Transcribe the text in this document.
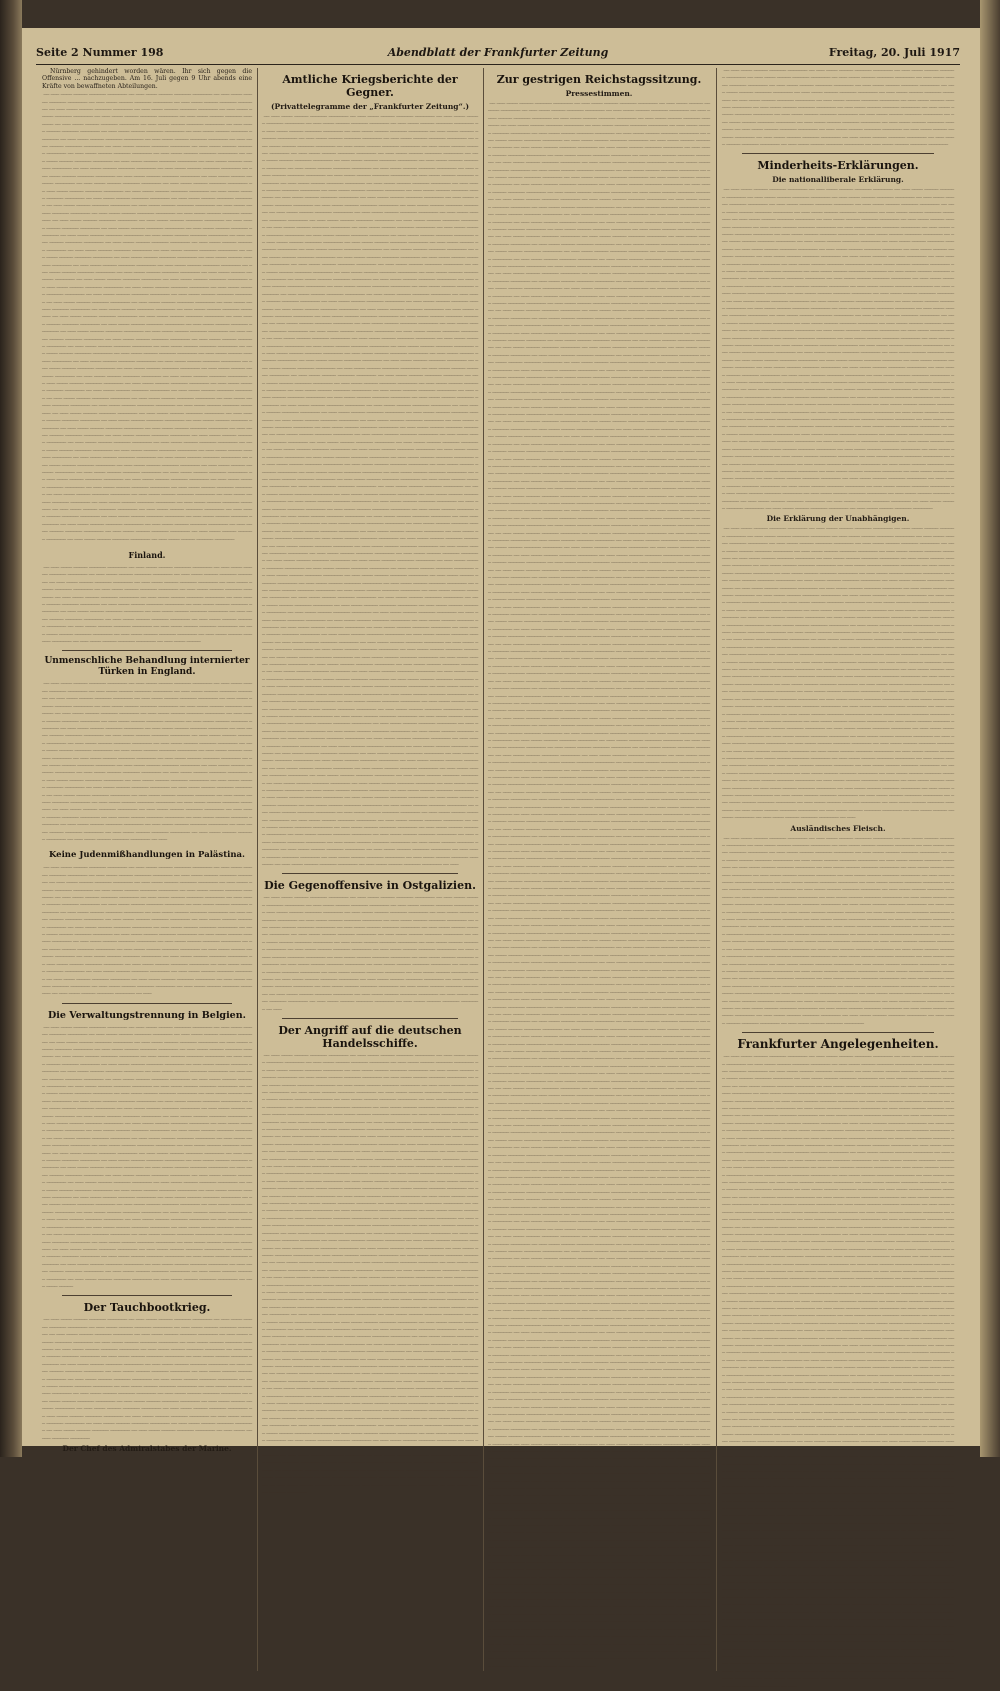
Seite 2 Nummer 198	Abendblatt der Frankfurter Zeitung	Freitag, 20. Juli 1917

Nürnberg gehindert worden wären. Ihr sich gegen die Offensive ... nachzugeben. Am 16. Juli gegen 9 Uhr abends eine Kräfte von bewaffneten Abteilungen.

── ─── ──── ───── ────── ─────── ── ─── ──── ───── ────── ─────── ── ─── ──── ───── ────── ─────── ── ─── ──── ───── ────── ─────── ── ─── ──── ───── ────── ─────── ── ─── ──── ───── ────── ─────── ── ─── ──── ───── ────── ─────── ── ─── ──── ───── ────── ─────── ── ─── ──── ───── ────── ─────── ── ─── ──── ───── ────── ─────── ── ─── ──── ───── ────── ─────── ── ─── ──── ───── ────── ─────── ── ─── ──── ───── ────── ─────── ── ─── ──── ───── ────── ─────── ── ─── ──── ───── ────── ─────── ── ─── ──── ───── ────── ─────── ── ─── ──── ───── ────── ─────── ── ─── ──── ───── ────── ─────── ── ─── ──── ───── ────── ─────── ── ─── ──── ───── ────── ─────── ── ─── ──── ───── ────── ─────── ── ─── ──── ───── ────── ─────── ── ─── ──── ───── ────── ─────── ── ─── ──── ───── ────── ─────── ── ─── ──── ───── ────── ─────── ── ─── ──── ───── ────── ─────── ── ─── ──── ───── ────── ─────── ── ─── ──── ───── ────── ─────── ── ─── ──── ───── ────── ─────── ── ─── ──── ───── ────── ─────── ── ─── ──── ───── ────── ─────── ── ─── ──── ───── ────── ─────── ── ─── ──── ───── ────── ─────── ── ─── ──── ───── ────── ─────── ── ─── ──── ───── ────── ─────── ── ─── ──── ───── ────── ─────── ── ─── ──── ───── ────── ─────── ── ─── ──── ───── ────── ─────── ── ─── ──── ───── ────── ─────── ── ─── ──── ───── ────── ─────── ── ─── ──── ───── ────── ─────── ── ─── ──── ───── ────── ─────── ── ─── ──── ───── ────── ─────── ── ─── ──── ───── ────── ─────── ── ─── ──── ───── ────── ─────── ── ─── ──── ───── ────── ─────── ── ─── ──── ───── ────── ─────── ── ─── ──── ───── ────── ─────── ── ─── ──── ───── ────── ─────── ── ─── ──── ───── ────── ─────── ── ─── ──── ───── ────── ─────── ── ─── ──── ───── ────── ─────── ── ─── ──── ───── ────── ─────── ── ─── ──── ───── ────── ─────── ── ─── ──── ───── ────── ─────── ── ─── ──── ───── ────── ─────── ── ─── ──── ───── ────── ─────── ── ─── ──── ───── ────── ─────── ── ─── ──── ───── ────── ─────── ── ─── ──── ───── ────── ─────── ── ─── ──── ───── ────── ─────── ── ─── ──── ───── ────── ─────── ── ─── ──── ───── ────── ─────── ── ─── ──── ───── ────── ─────── ── ─── ──── ───── ────── ─────── ── ─── ──── ───── ────── ─────── ── ─── ──── ───── ────── ─────── ── ─── ──── ───── ────── ─────── ── ─── ──── ───── ────── ─────── ── ─── ──── ───── ────── ─────── ── ─── ──── ───── ────── ─────── ── ─── ──── ───── ────── ─────── ── ─── ──── ───── ────── ─────── ── ─── ──── ───── ────── ─────── ── ─── ──── ───── ────── ─────── ── ─── ──── ───── ────── ─────── ── ─── ──── ───── ────── ─────── ── ─── ──── ───── ────── ─────── ── ─── ──── ───── ────── ─────── ── ─── ──── ───── ────── ─────── ── ─── ──── ───── ────── ─────── ── ─── ──── ───── ────── ─────── ── ─── ──── ───── ────── ─────── ── ─── ──── ───── ────── ─────── ── ─── ──── ───── ────── ─────── ── ─── ──── ───── ────── ─────── ── ─── ──── ───── ────── ─────── ── ─── ──── ───── ────── ─────── ── ─── ──── ───── ────── ─────── ── ─── ──── ───── ────── ─────── ── ─── ──── ───── ────── ─────── ── ─── ──── ───── ────── ─────── ── ─── ──── ───── ────── ─────── ── ─── ──── ───── ────── ─────── ── ─── ──── ───── ────── ─────── ── ─── ──── ───── ────── ─────── ── ─── ──── ───── ────── ─────── ── ─── ──── ───── ────── ─────── ── ─── ──── ───── ────── ─────── ── ─── ──── ───── ────── ─────── ── ─── ──── ───── ────── ─────── ── ─── ──── ───── ────── ─────── ── ─── ──── ───── ────── ─────── ── ─── ──── ───── ────── ─────── ── ─── ──── ───── ────── ─────── ── ─── ──── ───── ────── ─────── ── ─── ──── ───── ────── ─────── ── ─── ──── ───── ────── ─────── ── ─── ──── ───── ────── ─────── ── ─── ──── ───── ────── ─────── ── ─── ──── ───── ────── ─────── ── ─── ──── ───── ────── ─────── ── ─── ──── ───── ────── ─────── ── ─── ──── ───── ────── ─────── ── ─── ──── ───── ────── ─────── ── ─── ──── ───── ────── ─────── ── ─── ──── ───── ────── ─────── ── ─── ──── ───── ────── ─────── ── ─── ──── ───── ────── ─────── ── ─── ──── ───── ────── ─────── ── ─── ──── ───── ────── ─────── ── ─── ──── ───── ────── ─────── ── ─── ──── ───── ────── ─────── ── ─── ──── ───── ────── ─────── ── ─── ──── ───── ────── ─────── ── ─── ──── ───── ────── ─────── ── ─── ──── ───── ────── ─────── ── ─── ──── ───── ────── ─────── ── ─── ──── ───── ────── ─────── ── ─── ──── ───── ────── ─────── ── ─── ──── ───── ────── ─────── ── ─── ──── ───── ────── ─────── ── ─── ──── ───── ────── ─────── ── ─── ──── ───── ────── ─────── ── ─── ──── ───── ────── ─────── ── ─── ──── ───── ────── ─────── ── ─── ──── ───── ────── ─────── ── ─── ──── ───── ────── ─────── ── ─── ──── ───── ────── ─────── ── ─── ──── ───── ────── ─────── ── ─── ──── ───── ────── ─────── ── ─── ──── ───── ────── ─────── ── ─── ──── ───── ────── ─────── ── ─── ──── ───── ────── ─────── ── ─── ──── ───── ────── ─────── ── ─── ──── ───── ────── ─────── ── ─── ──── ───── ────── ─────── ── ─── ──── ───── ────── ─────── ── ─── ──── ───── ────── ─────── ── ─── ──── ───── ────── ───────
Finland.
── ─── ──── ───── ────── ─────── ── ─── ──── ───── ────── ─────── ── ─── ──── ───── ────── ─────── ── ─── ──── ───── ────── ─────── ── ─── ──── ───── ────── ─────── ── ─── ──── ───── ────── ─────── ── ─── ──── ───── ────── ─────── ── ─── ──── ───── ────── ─────── ── ─── ──── ───── ────── ─────── ── ─── ──── ───── ────── ─────── ── ─── ──── ───── ────── ─────── ── ─── ──── ───── ────── ─────── ── ─── ──── ───── ────── ─────── ── ─── ──── ───── ────── ─────── ── ─── ──── ───── ────── ─────── ── ─── ──── ───── ────── ─────── ── ─── ──── ───── ────── ─────── ── ─── ──── ───── ────── ─────── ── ─── ──── ───── ────── ─────── ── ─── ──── ───── ────── ─────── ── ─── ──── ───── ────── ─────── ── ─── ──── ───── ────── ─────── ── ─── ──── ───── ────── ─────── ── ─── ──── ───── ────── ─────── ── ─── ──── ───── ────── ─────── ── ─── ──── ───── ────── ─────── ── ─── ──── ─────
Unmenschliche Behandlung internierter Türken in England.
── ─── ──── ───── ────── ─────── ── ─── ──── ───── ────── ─────── ── ─── ──── ───── ────── ─────── ── ─── ──── ───── ────── ─────── ── ─── ──── ───── ────── ─────── ── ─── ──── ───── ────── ─────── ── ─── ──── ───── ────── ─────── ── ─── ──── ───── ────── ─────── ── ─── ──── ───── ────── ─────── ── ─── ──── ───── ────── ─────── ── ─── ──── ───── ────── ─────── ── ─── ──── ───── ────── ─────── ── ─── ──── ───── ────── ─────── ── ─── ──── ───── ────── ─────── ── ─── ──── ───── ────── ─────── ── ─── ──── ───── ────── ─────── ── ─── ──── ───── ────── ─────── ── ─── ──── ───── ────── ─────── ── ─── ──── ───── ────── ─────── ── ─── ──── ───── ────── ─────── ── ─── ──── ───── ────── ─────── ── ─── ──── ───── ────── ─────── ── ─── ──── ───── ────── ─────── ── ─── ──── ───── ────── ─────── ── ─── ──── ───── ────── ─────── ── ─── ──── ───── ────── ─────── ── ─── ──── ───── ────── ─────── ── ─── ──── ───── ────── ─────── ── ─── ──── ───── ────── ─────── ── ─── ──── ───── ────── ─────── ── ─── ──── ───── ────── ─────── ── ─── ──── ───── ────── ─────── ── ─── ──── ───── ────── ─────── ── ─── ──── ───── ────── ─────── ── ─── ──── ───── ────── ─────── ── ─── ──── ───── ────── ─────── ── ─── ──── ───── ────── ─────── ── ─── ──── ───── ────── ─────── ── ─── ──── ───── ────── ─────── ── ─── ──── ───── ────── ─────── ── ─── ──── ───── ────── ─────── ── ─── ──── ───── ────── ─────── ── ─── ──── ───── ────── ─────── ── ─── ──── ───── ────── ─────── ── ─── ──── ───── ────── ─────── ── ─── ──── ───── ────── ─────── ── ─── ──── ───── ────── ─────── ── ─── ──── ───── ────── ─────── ── ─── ──── ───── ────── ─────── ── ─── ──── ───── ────── ─────── ── ─── ──── ───── ────── ─────── ── ─── ──── ───── ────── ─────── ── ─── ──── ───── ────── ─────── ── ───
Keine Judenmißhandlungen in Palästina.
── ─── ──── ───── ────── ─────── ── ─── ──── ───── ────── ─────── ── ─── ──── ───── ────── ─────── ── ─── ──── ───── ────── ─────── ── ─── ──── ───── ────── ─────── ── ─── ──── ───── ────── ─────── ── ─── ──── ───── ────── ─────── ── ─── ──── ───── ────── ─────── ── ─── ──── ───── ────── ─────── ── ─── ──── ───── ────── ─────── ── ─── ──── ───── ────── ─────── ── ─── ──── ───── ────── ─────── ── ─── ──── ───── ────── ─────── ── ─── ──── ───── ────── ─────── ── ─── ──── ───── ────── ─────── ── ─── ──── ───── ────── ─────── ── ─── ──── ───── ────── ─────── ── ─── ──── ───── ────── ─────── ── ─── ──── ───── ────── ─────── ── ─── ──── ───── ────── ─────── ── ─── ──── ───── ────── ─────── ── ─── ──── ───── ────── ─────── ── ─── ──── ───── ────── ─────── ── ─── ──── ───── ────── ─────── ── ─── ──── ───── ────── ─────── ── ─── ──── ───── ────── ─────── ── ─── ──── ───── ────── ─────── ── ─── ──── ───── ────── ─────── ── ─── ──── ───── ────── ─────── ── ─── ──── ───── ────── ─────── ── ─── ──── ───── ────── ─────── ── ─── ──── ───── ────── ─────── ── ─── ──── ───── ────── ─────── ── ─── ──── ───── ────── ─────── ── ─── ──── ───── ────── ─────── ── ─── ──── ───── ────── ─────── ── ─── ──── ───── ────── ─────── ── ─── ──── ───── ────── ─────── ── ─── ──── ───── ────── ─────── ── ─── ──── ───── ────── ─────── ── ─── ──── ───── ────── ─────── ── ─── ──── ───── ────── ─────── ── ─── ──── ───── ────── ─────── ── ───
Die Verwaltungstrennung in Belgien.
── ─── ──── ───── ────── ─────── ── ─── ──── ───── ────── ─────── ── ─── ──── ───── ────── ─────── ── ─── ──── ───── ────── ─────── ── ─── ──── ───── ────── ─────── ── ─── ──── ───── ────── ─────── ── ─── ──── ───── ────── ─────── ── ─── ──── ───── ────── ─────── ── ─── ──── ───── ────── ─────── ── ─── ──── ───── ────── ─────── ── ─── ──── ───── ────── ─────── ── ─── ──── ───── ────── ─────── ── ─── ──── ───── ────── ─────── ── ─── ──── ───── ────── ─────── ── ─── ──── ───── ────── ─────── ── ─── ──── ───── ────── ─────── ── ─── ──── ───── ────── ─────── ── ─── ──── ───── ────── ─────── ── ─── ──── ───── ────── ─────── ── ─── ──── ───── ────── ─────── ── ─── ──── ───── ────── ─────── ── ─── ──── ───── ────── ─────── ── ─── ──── ───── ────── ─────── ── ─── ──── ───── ────── ─────── ── ─── ──── ───── ────── ─────── ── ─── ──── ───── ────── ─────── ── ─── ──── ───── ────── ─────── ── ─── ──── ───── ────── ─────── ── ─── ──── ───── ────── ─────── ── ─── ──── ───── ────── ─────── ── ─── ──── ───── ────── ─────── ── ─── ──── ───── ────── ─────── ── ─── ──── ───── ────── ─────── ── ─── ──── ───── ────── ─────── ── ─── ──── ───── ────── ─────── ── ─── ──── ───── ────── ─────── ── ─── ──── ───── ────── ─────── ── ─── ──── ───── ────── ─────── ── ─── ──── ───── ────── ─────── ── ─── ──── ───── ────── ─────── ── ─── ──── ───── ────── ─────── ── ─── ──── ───── ────── ─────── ── ─── ──── ───── ────── ─────── ── ─── ──── ───── ────── ─────── ── ─── ──── ───── ────── ─────── ── ─── ──── ───── ────── ─────── ── ─── ──── ───── ────── ─────── ── ─── ──── ───── ────── ─────── ── ─── ──── ───── ────── ─────── ── ─── ──── ───── ────── ─────── ── ─── ──── ───── ────── ─────── ── ─── ──── ───── ────── ─────── ── ─── ──── ───── ────── ─────── ── ─── ──── ───── ────── ─────── ── ─── ──── ───── ────── ─────── ── ─── ──── ───── ────── ─────── ── ─── ──── ───── ────── ─────── ── ─── ──── ───── ────── ─────── ── ─── ──── ───── ────── ─────── ── ─── ──── ───── ────── ─────── ── ─── ──── ───── ────── ─────── ── ─── ──── ───── ────── ─────── ── ─── ──── ───── ────── ─────── ── ─── ──── ───── ────── ─────── ── ─── ──── ───── ────── ─────── ── ─── ──── ───── ────── ─────── ── ─── ──── ───── ────── ─────── ── ─── ──── ───── ────── ─────── ── ─── ──── ───── ────── ─────── ── ─── ──── ───── ────── ─────── ── ─── ──── ───── ────── ─────── ── ─── ──── ───── ────── ─────── ── ─── ──── ───── ────── ─────── ── ─── ──── ───── ────── ─────── ── ─── ──── ───── ────── ─────── ── ─── ──── ───── ────── ─────── ── ─── ──── ───── ────── ─────── ── ─── ──── ───── ────── ─────── ── ─── ──── ───── ────── ─────── ── ─── ──── ───── ────── ─────── ── ─── ──── ───── ────── ─────── ── ─── ──── ───── ────── ─────── ── ─── ──── ───── ────── ─────── ── ─── ──── ───── ────── ─────── ── ─── ──── ───── ────── ─────── ── ─── ──── ───── ────── ─────── ── ─── ──── ─────
Der Tauchbootkrieg.
── ─── ──── ───── ────── ─────── ── ─── ──── ───── ────── ─────── ── ─── ──── ───── ────── ─────── ── ─── ──── ───── ────── ─────── ── ─── ──── ───── ────── ─────── ── ─── ──── ───── ────── ─────── ── ─── ──── ───── ────── ─────── ── ─── ──── ───── ────── ─────── ── ─── ──── ───── ────── ─────── ── ─── ──── ───── ────── ─────── ── ─── ──── ───── ────── ─────── ── ─── ──── ───── ────── ─────── ── ─── ──── ───── ────── ─────── ── ─── ──── ───── ────── ─────── ── ─── ──── ───── ────── ─────── ── ─── ──── ───── ────── ─────── ── ─── ──── ───── ────── ─────── ── ─── ──── ───── ────── ─────── ── ─── ──── ───── ────── ─────── ── ─── ──── ───── ────── ─────── ── ─── ──── ───── ────── ─────── ── ─── ──── ───── ────── ─────── ── ─── ──── ───── ────── ─────── ── ─── ──── ───── ────── ─────── ── ─── ──── ───── ────── ─────── ── ─── ──── ───── ────── ─────── ── ─── ──── ───── ────── ─────── ── ─── ──── ───── ────── ─────── ── ─── ──── ───── ────── ─────── ── ─── ──── ───── ────── ─────── ── ─── ──── ───── ────── ─────── ── ─── ──── ───── ────── ─────── ── ─── ──── ───── ────── ─────── ── ─── ──── ───── ────── ─────── ── ─── ──── ───── ────── ─────── ── ─── ──── ───── ────── ─────── ── ─── ──── ───── ────── ─────── ── ─── ──── ───── ────── ─────── ── ─── ──── ───── ────── ─────── ── ─── ──── ───── ────── ───────
Der Chef des Admiralstabes der Marine.
Amtliche Kriegsberichte der Gegner.
(Privattelegramme der „Frankfurter Zeitung“.)
── ─── ──── ───── ────── ─────── ── ─── ──── ───── ────── ─────── ── ─── ──── ───── ────── ─────── ── ─── ──── ───── ────── ─────── ── ─── ──── ───── ────── ─────── ── ─── ──── ───── ────── ─────── ── ─── ──── ───── ────── ─────── ── ─── ──── ───── ────── ─────── ── ─── ──── ───── ────── ─────── ── ─── ──── ───── ────── ─────── ── ─── ──── ───── ────── ─────── ── ─── ──── ───── ────── ─────── ── ─── ──── ───── ────── ─────── ── ─── ──── ───── ────── ─────── ── ─── ──── ───── ────── ─────── ── ─── ──── ───── ────── ─────── ── ─── ──── ───── ────── ─────── ── ─── ──── ───── ────── ─────── ── ─── ──── ───── ────── ─────── ── ─── ──── ───── ────── ─────── ── ─── ──── ───── ────── ─────── ── ─── ──── ───── ────── ─────── ── ─── ──── ───── ────── ─────── ── ─── ──── ───── ────── ─────── ── ─── ──── ───── ────── ─────── ── ─── ──── ───── ────── ─────── ── ─── ──── ───── ────── ─────── ── ─── ──── ───── ────── ─────── ── ─── ──── ───── ────── ─────── ── ─── ──── ───── ────── ─────── ── ─── ──── ───── ────── ─────── ── ─── ──── ───── ────── ─────── ── ─── ──── ───── ────── ─────── ── ─── ──── ───── ────── ─────── ── ─── ──── ───── ────── ─────── ── ─── ──── ───── ────── ─────── ── ─── ──── ───── ────── ─────── ── ─── ──── ───── ────── ─────── ── ─── ──── ───── ────── ─────── ── ─── ──── ───── ────── ─────── ── ─── ──── ───── ────── ─────── ── ─── ──── ───── ────── ─────── ── ─── ──── ───── ────── ─────── ── ─── ──── ───── ────── ─────── ── ─── ──── ───── ────── ─────── ── ─── ──── ───── ────── ─────── ── ─── ──── ───── ────── ─────── ── ─── ──── ───── ────── ─────── ── ─── ──── ───── ────── ─────── ── ─── ──── ───── ────── ─────── ── ─── ──── ───── ────── ─────── ── ─── ──── ───── ────── ─────── ── ─── ──── ───── ────── ─────── ── ─── ──── ───── ────── ─────── ── ─── ──── ───── ────── ─────── ── ─── ──── ───── ────── ─────── ── ─── ──── ───── ────── ─────── ── ─── ──── ───── ────── ─────── ── ─── ──── ───── ────── ─────── ── ─── ──── ───── ────── ─────── ── ─── ──── ───── ────── ─────── ── ─── ──── ───── ────── ─────── ── ─── ──── ───── ────── ─────── ── ─── ──── ───── ────── ─────── ── ─── ──── ───── ────── ─────── ── ─── ──── ───── ────── ─────── ── ─── ──── ───── ────── ─────── ── ─── ──── ───── ────── ─────── ── ─── ──── ───── ────── ─────── ── ─── ──── ───── ────── ─────── ── ─── ──── ───── ────── ─────── ── ─── ──── ───── ────── ─────── ── ─── ──── ───── ────── ─────── ── ─── ──── ───── ────── ─────── ── ─── ──── ───── ────── ─────── ── ─── ──── ───── ────── ─────── ── ─── ──── ───── ────── ─────── ── ─── ──── ───── ────── ─────── ── ─── ──── ───── ────── ─────── ── ─── ──── ───── ────── ─────── ── ─── ──── ───── ────── ─────── ── ─── ──── ───── ────── ─────── ── ─── ──── ───── ────── ─────── ── ─── ──── ───── ────── ─────── ── ─── ──── ───── ────── ─────── ── ─── ──── ───── ────── ─────── ── ─── ──── ───── ────── ─────── ── ─── ──── ───── ────── ─────── ── ─── ──── ───── ────── ─────── ── ─── ──── ───── ────── ─────── ── ─── ──── ───── ────── ─────── ── ─── ──── ───── ────── ─────── ── ─── ──── ───── ────── ─────── ── ─── ──── ───── ────── ─────── ── ─── ──── ───── ────── ─────── ── ─── ──── ───── ────── ─────── ── ─── ──── ───── ────── ─────── ── ─── ──── ───── ────── ─────── ── ─── ──── ───── ────── ─────── ── ─── ──── ───── ────── ─────── ── ─── ──── ───── ────── ─────── ── ─── ──── ───── ────── ─────── ── ─── ──── ───── ────── ─────── ── ─── ──── ───── ────── ─────── ── ─── ──── ───── ────── ─────── ── ─── ──── ───── ────── ─────── ── ─── ──── ───── ────── ─────── ── ─── ──── ───── ────── ─────── ── ─── ──── ───── ────── ─────── ── ─── ──── ───── ────── ─────── ── ─── ──── ───── ────── ─────── ── ─── ──── ───── ────── ─────── ── ─── ──── ───── ────── ─────── ── ─── ──── ───── ────── ─────── ── ─── ──── ───── ────── ─────── ── ─── ──── ───── ────── ─────── ── ─── ──── ───── ────── ─────── ── ─── ──── ───── ────── ─────── ── ─── ──── ───── ────── ─────── ── ─── ──── ───── ────── ─────── ── ─── ──── ───── ────── ─────── ── ─── ──── ───── ────── ─────── ── ─── ──── ───── ────── ─────── ── ─── ──── ───── ────── ─────── ── ─── ──── ───── ────── ─────── ── ─── ──── ───── ────── ─────── ── ─── ──── ───── ────── ─────── ── ─── ──── ───── ────── ─────── ── ─── ──── ───── ────── ─────── ── ─── ──── ───── ────── ─────── ── ─── ──── ───── ────── ─────── ── ─── ──── ───── ────── ─────── ── ─── ──── ───── ────── ─────── ── ─── ──── ───── ────── ─────── ── ─── ──── ───── ────── ─────── ── ─── ──── ───── ────── ─────── ── ─── ──── ───── ────── ─────── ── ─── ──── ───── ────── ─────── ── ─── ──── ───── ────── ─────── ── ─── ──── ───── ────── ─────── ── ─── ──── ───── ────── ─────── ── ─── ──── ───── ────── ─────── ── ─── ──── ───── ────── ─────── ── ─── ──── ───── ────── ─────── ── ─── ──── ───── ────── ─────── ── ─── ──── ───── ────── ─────── ── ─── ──── ───── ────── ─────── ── ─── ──── ───── ────── ─────── ── ─── ──── ───── ────── ─────── ── ─── ──── ───── ────── ─────── ── ─── ──── ───── ────── ─────── ── ─── ──── ───── ────── ─────── ── ─── ──── ───── ────── ─────── ── ─── ──── ───── ────── ─────── ── ─── ──── ───── ────── ─────── ── ─── ──── ───── ────── ─────── ── ─── ──── ───── ────── ─────── ── ─── ──── ───── ────── ─────── ── ─── ──── ───── ────── ─────── ── ─── ──── ───── ────── ─────── ── ─── ──── ───── ────── ─────── ── ─── ──── ───── ────── ─────── ── ─── ──── ───── ────── ─────── ── ─── ──── ───── ────── ─────── ── ─── ──── ───── ────── ─────── ── ─── ──── ───── ────── ─────── ── ─── ──── ───── ────── ─────── ── ─── ──── ───── ────── ─────── ── ─── ──── ───── ────── ─────── ── ─── ──── ───── ────── ─────── ── ─── ──── ───── ────── ─────── ── ─── ──── ───── ────── ─────── ── ─── ──── ───── ────── ─────── ── ─── ──── ───── ────── ─────── ── ─── ──── ───── ────── ─────── ── ─── ──── ───── ────── ─────── ── ─── ──── ───── ────── ─────── ── ─── ──── ───── ────── ─────── ── ─── ──── ───── ────── ─────── ── ─── ──── ───── ────── ─────── ── ─── ──── ───── ────── ─────── ── ─── ──── ───── ────── ─────── ── ─── ──── ───── ────── ─────── ── ─── ──── ───── ────── ─────── ── ─── ──── ───── ────── ─────── ── ─── ──── ───── ────── ─────── ── ─── ──── ───── ────── ─────── ── ─── ──── ───── ────── ─────── ── ─── ──── ───── ────── ─────── ── ─── ──── ───── ────── ─────── ── ─── ──── ───── ────── ─────── ── ─── ──── ───── ────── ─────── ── ─── ──── ───── ────── ─────── ── ─── ──── ───── ────── ─────── ── ─── ──── ───── ────── ─────── ── ─── ──── ───── ────── ─────── ── ─── ──── ───── ────── ─────── ── ─── ──── ───── ────── ─────── ── ─── ──── ───── ────── ─────── ── ─── ──── ───── ────── ─────── ── ─── ──── ───── ────── ─────── ── ─── ──── ───── ────── ─────── ── ─── ──── ───── ────── ─────── ── ─── ──── ───── ────── ─────── ── ─── ──── ───── ────── ─────── ── ─── ──── ───── ────── ─────── ── ─── ──── ───── ────── ─────── ── ─── ──── ───── ────── ─────── ── ─── ──── ───── ────── ─────── ── ─── ──── ───── ────── ─────── ── ─── ──── ───── ────── ─────── ── ─── ──── ───── ────── ─────── ── ─── ──── ───── ────── ─────── ── ─── ──── ───── ────── ─────── ── ─── ──── ───── ────── ─────── ── ─── ──── ───── ────── ─────── ── ─── ──── ───── ────── ─────── ── ─── ──── ───── ────── ─────── ── ─── ──── ───── ────── ─────── ── ─── ──── ───── ────── ─────── ── ─── ──── ───── ────── ─────── ── ─── ──── ───── ────── ─────── ── ─── ──── ───── ────── ─────── ── ─── ──── ───── ────── ─────── ── ─── ──── ───── ────── ─────── ── ─── ──── ───── ────── ─────── ── ─── ──── ───── ────── ─────── ── ─── ──── ───── ────── ─────── ── ─── ──── ───── ────── ─────── ── ─── ──── ───── ────── ─────── ── ─── ──── ───── ────── ─────── ── ─── ──── ───── ────── ─────── ── ─── ──── ───── ────── ─────── ── ─── ──── ───── ────── ─────── ── ─── ──── ───── ────── ─────── ── ─── ──── ───── ────── ─────── ── ─── ──── ───── ────── ─────── ── ─── ──── ───── ────── ─────── ── ─── ──── ───── ────── ─────── ── ─── ──── ───── ────── ─────── ── ─── ──── ───── ────── ─────── ── ─── ──── ───── ────── ─────── ── ─── ──── ───── ────── ─────── ── ─── ──── ───── ────── ─────── ── ─── ──── ───── ────── ─────── ── ─── ──── ───── ────── ─────── ── ─── ──── ───── ────── ─────── ── ─── ──── ───── ────── ─────── ── ─── ──── ───── ────── ─────── ── ─── ──── ───── ────── ─────── ── ─── ──── ───── ────── ─────── ── ─── ──── ───── ────── ─────── ── ─── ──── ───── ────── ─────── ── ─── ──── ───── ────── ─────── ── ─── ──── ───── ────── ─────── ── ─── ──── ───── ────── ─────── ── ─── ──── ───── ────── ─────── ── ─── ──── ───── ────── ─────── ── ───
Die Gegenoffensive in Ostgalizien.
── ─── ──── ───── ────── ─────── ── ─── ──── ───── ────── ─────── ── ─── ──── ───── ────── ─────── ── ─── ──── ───── ────── ─────── ── ─── ──── ───── ────── ─────── ── ─── ──── ───── ────── ─────── ── ─── ──── ───── ────── ─────── ── ─── ──── ───── ────── ─────── ── ─── ──── ───── ────── ─────── ── ─── ──── ───── ────── ─────── ── ─── ──── ───── ────── ─────── ── ─── ──── ───── ────── ─────── ── ─── ──── ───── ────── ─────── ── ─── ──── ───── ────── ─────── ── ─── ──── ───── ────── ─────── ── ─── ──── ───── ────── ─────── ── ─── ──── ───── ────── ─────── ── ─── ──── ───── ────── ─────── ── ─── ──── ───── ────── ─────── ── ─── ──── ───── ────── ─────── ── ─── ──── ───── ────── ─────── ── ─── ──── ───── ────── ─────── ── ─── ──── ───── ────── ─────── ── ─── ──── ───── ────── ─────── ── ─── ──── ───── ────── ─────── ── ─── ──── ───── ────── ─────── ── ─── ──── ───── ────── ─────── ── ─── ──── ───── ────── ─────── ── ─── ──── ───── ────── ─────── ── ─── ──── ───── ────── ─────── ── ─── ──── ───── ────── ─────── ── ─── ──── ───── ────── ─────── ── ─── ──── ───── ────── ─────── ── ─── ──── ───── ────── ─────── ── ─── ──── ───── ────── ─────── ── ─── ──── ───── ────── ─────── ── ─── ──── ───── ────── ─────── ── ─── ──── ───── ────── ─────── ── ───
Der Angriff auf die deutschen Handelsschiffe.
── ─── ──── ───── ────── ─────── ── ─── ──── ───── ────── ─────── ── ─── ──── ───── ────── ─────── ── ─── ──── ───── ────── ─────── ── ─── ──── ───── ────── ─────── ── ─── ──── ───── ────── ─────── ── ─── ──── ───── ────── ─────── ── ─── ──── ───── ────── ─────── ── ─── ──── ───── ────── ─────── ── ─── ──── ───── ────── ─────── ── ─── ──── ───── ────── ─────── ── ─── ──── ───── ────── ─────── ── ─── ──── ───── ────── ─────── ── ─── ──── ───── ────── ─────── ── ─── ──── ───── ────── ─────── ── ─── ──── ───── ────── ─────── ── ─── ──── ───── ────── ─────── ── ─── ──── ───── ────── ─────── ── ─── ──── ───── ────── ─────── ── ─── ──── ───── ────── ─────── ── ─── ──── ───── ────── ─────── ── ─── ──── ───── ────── ─────── ── ─── ──── ───── ────── ─────── ── ─── ──── ───── ────── ─────── ── ─── ──── ───── ────── ─────── ── ─── ──── ───── ────── ─────── ── ─── ──── ───── ────── ─────── ── ─── ──── ───── ────── ─────── ── ─── ──── ───── ────── ─────── ── ─── ──── ───── ────── ─────── ── ─── ──── ───── ────── ─────── ── ─── ──── ───── ────── ─────── ── ─── ──── ───── ────── ─────── ── ─── ──── ───── ────── ─────── ── ─── ──── ───── ────── ─────── ── ─── ──── ───── ────── ─────── ── ─── ──── ───── ────── ─────── ── ─── ──── ───── ────── ─────── ── ─── ──── ───── ────── ─────── ── ─── ──── ───── ────── ─────── ── ─── ──── ───── ────── ─────── ── ─── ──── ───── ────── ─────── ── ─── ──── ───── ────── ─────── ── ─── ──── ───── ────── ─────── ── ─── ──── ───── ────── ─────── ── ─── ──── ───── ────── ─────── ── ─── ──── ───── ────── ─────── ── ─── ──── ───── ────── ─────── ── ─── ──── ───── ────── ─────── ── ─── ──── ───── ────── ─────── ── ─── ──── ───── ────── ─────── ── ─── ──── ───── ────── ─────── ── ─── ──── ───── ────── ─────── ── ─── ──── ───── ────── ─────── ── ─── ──── ───── ────── ─────── ── ─── ──── ───── ────── ─────── ── ─── ──── ───── ────── ─────── ── ─── ──── ───── ────── ─────── ── ─── ──── ───── ────── ─────── ── ─── ──── ───── ────── ─────── ── ─── ──── ───── ────── ─────── ── ─── ──── ───── ────── ─────── ── ─── ──── ───── ────── ─────── ── ─── ──── ───── ────── ─────── ── ─── ──── ───── ────── ─────── ── ─── ──── ───── ────── ─────── ── ─── ──── ───── ────── ─────── ── ─── ──── ───── ────── ─────── ── ─── ──── ───── ────── ─────── ── ─── ──── ───── ────── ─────── ── ─── ──── ───── ────── ─────── ── ─── ──── ───── ────── ─────── ── ─── ──── ───── ────── ─────── ── ─── ──── ───── ────── ─────── ── ─── ──── ───── ────── ─────── ── ─── ──── ───── ────── ─────── ── ─── ──── ───── ────── ─────── ── ─── ──── ───── ────── ─────── ── ─── ──── ───── ────── ─────── ── ─── ──── ───── ────── ─────── ── ─── ──── ───── ────── ─────── ── ─── ──── ───── ────── ─────── ── ─── ──── ───── ────── ─────── ── ─── ──── ───── ────── ─────── ── ─── ──── ───── ────── ─────── ── ─── ──── ───── ────── ─────── ── ─── ──── ───── ────── ─────── ── ─── ──── ───── ────── ─────── ── ─── ──── ───── ────── ─────── ── ─── ──── ───── ────── ─────── ── ─── ──── ───── ────── ─────── ── ─── ──── ───── ────── ─────── ── ─── ──── ───── ────── ─────── ── ─── ──── ───── ────── ─────── ── ─── ──── ───── ────── ─────── ── ─── ──── ───── ────── ─────── ── ─── ──── ───── ────── ─────── ── ─── ──── ───── ────── ─────── ── ─── ──── ───── ────── ─────── ── ─── ──── ───── ────── ─────── ── ─── ──── ───── ────── ─────── ── ─── ──── ───── ────── ─────── ── ─── ──── ───── ────── ─────── ── ─── ──── ───── ────── ─────── ── ─── ──── ───── ────── ─────── ── ─── ──── ───── ────── ─────── ── ─── ──── ───── ────── ─────── ── ─── ──── ───── ────── ─────── ── ─── ──── ───── ────── ─────── ── ─── ──── ───── ────── ─────── ── ─── ──── ───── ────── ─────── ── ─── ──── ───── ────── ─────── ── ─── ──── ───── ────── ─────── ── ─── ──── ───── ────── ─────── ── ─── ──── ───── ────── ─────── ── ─── ──── ───── ────── ─────── ── ─── ──── ───── ────── ─────── ── ─── ──── ───── ────── ─────── ── ─── ──── ───── ────── ─────── ── ─── ──── ───── ────── ─────── ── ─── ──── ───── ────── ─────── ── ─── ──── ───── ────── ─────── ── ─── ──── ───── ────── ─────── ── ─── ──── ───── ────── ─────── ── ─── ──── ───── ────── ─────── ── ─── ──── ───── ────── ─────── ── ─── ──── ───── ────── ─────── ── ─── ──── ───── ────── ─────── ── ─── ──── ───── ────── ─────── ── ─── ──── ───── ────── ─────── ── ─── ──── ───── ────── ─────── ── ─── ──── ───── ────── ─────── ── ─── ──── ───── ────── ─────── ── ─── ──── ───── ────── ─────── ── ─── ──── ───── ────── ─────── ── ─── ──── ───── ────── ─────── ── ─── ──── ───── ────── ─────── ── ─── ──── ───── ────── ─────── ── ─── ──── ───── ────── ─────── ── ─── ──── ───── ────── ─────── ── ─── ──── ───── ────── ─────── ── ─── ──── ───── ────── ─────── ── ─── ──── ───── ────── ─────── ── ─── ──── ───── ────── ─────── ── ─── ──── ───── ────── ─────── ── ─── ──── ───── ────── ─────── ── ─── ──── ───── ────── ─────── ── ─── ──── ───── ────── ─────── ── ─── ──── ───── ────── ─────── ── ─── ──── ───── ────── ───────
Zur gestrigen Reichstagssitzung.
Pressestimmen.
── ─── ──── ───── ────── ─────── ── ─── ──── ───── ────── ─────── ── ─── ──── ───── ────── ─────── ── ─── ──── ───── ────── ─────── ── ─── ──── ───── ────── ─────── ── ─── ──── ───── ────── ─────── ── ─── ──── ───── ────── ─────── ── ─── ──── ───── ────── ─────── ── ─── ──── ───── ────── ─────── ── ─── ──── ───── ────── ─────── ── ─── ──── ───── ────── ─────── ── ─── ──── ───── ────── ─────── ── ─── ──── ───── ────── ─────── ── ─── ──── ───── ────── ─────── ── ─── ──── ───── ────── ─────── ── ─── ──── ───── ────── ─────── ── ─── ──── ───── ────── ─────── ── ─── ──── ───── ────── ─────── ── ─── ──── ───── ────── ─────── ── ─── ──── ───── ────── ─────── ── ─── ──── ───── ────── ─────── ── ─── ──── ───── ────── ─────── ── ─── ──── ───── ────── ─────── ── ─── ──── ───── ────── ─────── ── ─── ──── ───── ────── ─────── ── ─── ──── ───── ────── ─────── ── ─── ──── ───── ────── ─────── ── ─── ──── ───── ────── ─────── ── ─── ──── ───── ────── ─────── ── ─── ──── ───── ────── ─────── ── ─── ──── ───── ────── ─────── ── ─── ──── ───── ────── ─────── ── ─── ──── ───── ────── ─────── ── ─── ──── ───── ────── ─────── ── ─── ──── ───── ────── ─────── ── ─── ──── ───── ────── ─────── ── ─── ──── ───── ────── ─────── ── ─── ──── ───── ────── ─────── ── ─── ──── ───── ────── ─────── ── ─── ──── ───── ────── ─────── ── ─── ──── ───── ────── ─────── ── ─── ──── ───── ────── ─────── ── ─── ──── ───── ────── ─────── ── ─── ──── ───── ────── ─────── ── ─── ──── ───── ────── ─────── ── ─── ──── ───── ────── ─────── ── ─── ──── ───── ────── ─────── ── ─── ──── ───── ────── ─────── ── ─── ──── ───── ────── ─────── ── ─── ──── ───── ────── ─────── ── ─── ──── ───── ────── ─────── ── ─── ──── ───── ────── ─────── ── ─── ──── ───── ────── ─────── ── ─── ──── ───── ────── ─────── ── ─── ──── ───── ────── ─────── ── ─── ──── ───── ────── ─────── ── ─── ──── ───── ────── ─────── ── ─── ──── ───── ────── ─────── ── ─── ──── ───── ────── ─────── ── ─── ──── ───── ────── ─────── ── ─── ──── ───── ────── ─────── ── ─── ──── ───── ────── ─────── ── ─── ──── ───── ────── ─────── ── ─── ──── ───── ────── ─────── ── ─── ──── ───── ────── ─────── ── ─── ──── ───── ────── ─────── ── ─── ──── ───── ────── ─────── ── ─── ──── ───── ────── ─────── ── ─── ──── ───── ────── ─────── ── ─── ──── ───── ────── ─────── ── ─── ──── ───── ────── ─────── ── ─── ──── ───── ────── ─────── ── ─── ──── ───── ────── ─────── ── ─── ──── ───── ────── ─────── ── ─── ──── ───── ────── ─────── ── ─── ──── ───── ────── ─────── ── ─── ──── ───── ────── ─────── ── ─── ──── ───── ────── ─────── ── ─── ──── ───── ────── ─────── ── ─── ──── ───── ────── ─────── ── ─── ──── ───── ────── ─────── ── ─── ──── ───── ────── ─────── ── ─── ──── ───── ────── ─────── ── ─── ──── ───── ────── ─────── ── ─── ──── ───── ────── ─────── ── ─── ──── ───── ────── ─────── ── ─── ──── ───── ────── ─────── ── ─── ──── ───── ────── ─────── ── ─── ──── ───── ────── ─────── ── ─── ──── ───── ────── ─────── ── ─── ──── ───── ────── ─────── ── ─── ──── ───── ────── ─────── ── ─── ──── ───── ────── ─────── ── ─── ──── ───── ────── ─────── ── ─── ──── ───── ────── ─────── ── ─── ──── ───── ────── ─────── ── ─── ──── ───── ────── ─────── ── ─── ──── ───── ────── ─────── ── ─── ──── ───── ────── ─────── ── ─── ──── ───── ────── ─────── ── ─── ──── ───── ────── ─────── ── ─── ──── ───── ────── ─────── ── ─── ──── ───── ────── ─────── ── ─── ──── ───── ────── ─────── ── ─── ──── ───── ────── ─────── ── ─── ──── ───── ────── ─────── ── ─── ──── ───── ────── ─────── ── ─── ──── ───── ────── ─────── ── ─── ──── ───── ────── ─────── ── ─── ──── ───── ────── ─────── ── ─── ──── ───── ────── ─────── ── ─── ──── ───── ────── ─────── ── ─── ──── ───── ────── ─────── ── ─── ──── ───── ────── ─────── ── ─── ──── ───── ────── ─────── ── ─── ──── ───── ────── ─────── ── ─── ──── ───── ────── ─────── ── ─── ──── ───── ────── ─────── ── ─── ──── ───── ────── ─────── ── ─── ──── ───── ────── ─────── ── ─── ──── ───── ────── ─────── ── ─── ──── ───── ────── ─────── ── ─── ──── ───── ────── ─────── ── ─── ──── ───── ────── ─────── ── ─── ──── ───── ────── ─────── ── ─── ──── ───── ────── ─────── ── ─── ──── ───── ────── ─────── ── ─── ──── ───── ────── ─────── ── ─── ──── ───── ────── ─────── ── ─── ──── ───── ────── ─────── ── ─── ──── ───── ────── ─────── ── ─── ──── ───── ────── ─────── ── ─── ──── ───── ────── ─────── ── ─── ──── ───── ────── ─────── ── ─── ──── ───── ────── ─────── ── ─── ──── ───── ────── ─────── ── ─── ──── ───── ────── ─────── ── ─── ──── ───── ────── ─────── ── ─── ──── ───── ────── ─────── ── ─── ──── ───── ────── ─────── ── ─── ──── ───── ────── ─────── ── ─── ──── ───── ────── ─────── ── ─── ──── ───── ────── ─────── ── ─── ──── ───── ────── ─────── ── ─── ──── ───── ────── ─────── ── ─── ──── ───── ────── ─────── ── ─── ──── ───── ────── ─────── ── ─── ──── ───── ────── ─────── ── ─── ──── ───── ────── ─────── ── ─── ──── ───── ────── ─────── ── ─── ──── ───── ────── ─────── ── ─── ──── ───── ────── ─────── ── ─── ──── ───── ────── ─────── ── ─── ──── ───── ────── ─────── ── ─── ──── ───── ────── ─────── ── ─── ──── ───── ────── ─────── ── ─── ──── ───── ────── ─────── ── ─── ──── ───── ────── ─────── ── ─── ──── ───── ────── ─────── ── ─── ──── ───── ────── ─────── ── ─── ──── ───── ────── ─────── ── ─── ──── ───── ────── ─────── ── ─── ──── ───── ────── ─────── ── ─── ──── ───── ────── ─────── ── ─── ──── ───── ────── ─────── ── ─── ──── ───── ────── ─────── ── ─── ──── ───── ────── ─────── ── ─── ──── ───── ────── ─────── ── ─── ──── ───── ────── ─────── ── ─── ──── ───── ────── ─────── ── ─── ──── ───── ────── ─────── ── ─── ──── ───── ────── ─────── ── ─── ──── ───── ────── ─────── ── ─── ──── ───── ────── ─────── ── ─── ──── ───── ────── ─────── ── ─── ──── ───── ────── ─────── ── ─── ──── ───── ────── ─────── ── ─── ──── ───── ────── ─────── ── ─── ──── ───── ────── ─────── ── ─── ──── ───── ────── ─────── ── ─── ──── ───── ────── ─────── ── ─── ──── ───── ────── ─────── ── ─── ──── ───── ────── ─────── ── ─── ──── ───── ────── ─────── ── ─── ──── ───── ────── ─────── ── ─── ──── ───── ────── ─────── ── ─── ──── ───── ────── ─────── ── ─── ──── ───── ────── ─────── ── ─── ──── ───── ────── ─────── ── ─── ──── ───── ────── ─────── ── ─── ──── ───── ────── ─────── ── ─── ──── ───── ────── ─────── ── ─── ──── ───── ────── ─────── ── ─── ──── ───── ────── ─────── ── ─── ──── ───── ────── ─────── ── ─── ──── ───── ────── ─────── ── ─── ──── ───── ────── ─────── ── ─── ──── ───── ────── ─────── ── ─── ──── ───── ────── ─────── ── ─── ──── ───── ────── ─────── ── ─── ──── ───── ────── ─────── ── ─── ──── ───── ────── ─────── ── ─── ──── ───── ────── ─────── ── ─── ──── ───── ────── ─────── ── ─── ──── ───── ────── ─────── ── ─── ──── ───── ────── ─────── ── ─── ──── ───── ────── ─────── ── ─── ──── ───── ────── ─────── ── ─── ──── ───── ────── ─────── ── ─── ──── ───── ────── ─────── ── ─── ──── ───── ────── ─────── ── ─── ──── ───── ────── ─────── ── ─── ──── ───── ────── ─────── ── ─── ──── ───── ────── ─────── ── ─── ──── ───── ────── ─────── ── ─── ──── ───── ────── ─────── ── ─── ──── ───── ────── ─────── ── ─── ──── ───── ────── ─────── ── ─── ──── ───── ────── ─────── ── ─── ──── ───── ────── ─────── ── ─── ──── ───── ────── ─────── ── ─── ──── ───── ────── ─────── ── ─── ──── ───── ────── ─────── ── ─── ──── ───── ────── ─────── ── ─── ──── ───── ────── ─────── ── ─── ──── ───── ────── ─────── ── ─── ──── ───── ────── ─────── ── ─── ──── ───── ────── ─────── ── ─── ──── ───── ────── ─────── ── ─── ──── ───── ────── ─────── ── ─── ──── ───── ────── ─────── ── ─── ──── ───── ────── ─────── ── ─── ──── ───── ────── ─────── ── ─── ──── ───── ────── ─────── ── ─── ──── ───── ────── ─────── ── ─── ──── ───── ────── ─────── ── ─── ──── ───── ────── ─────── ── ─── ──── ───── ────── ─────── ── ─── ──── ───── ────── ─────── ── ─── ──── ───── ────── ─────── ── ─── ──── ───── ────── ─────── ── ─── ──── ───── ────── ─────── ── ─── ──── ───── ────── ─────── ── ─── ──── ───── ────── ─────── ── ─── ──── ───── ────── ─────── ── ─── ──── ───── ────── ─────── ── ─── ──── ───── ────── ─────── ── ─── ──── ───── ────── ─────── ── ─── ──── ───── ────── ─────── ── ─── ──── ───── ────── ─────── ── ─── ──── ───── ────── ─────── ── ─── ──── ───── ────── ─────── ── ─── ──── ───── ────── ─────── ── ─── ──── ───── ────── ─────── ── ─── ──── ───── ────── ─────── ── ─── ──── ───── ────── ─────── ── ─── ──── ───── ────── ─────── ── ─── ──── ───── ────── ─────── ── ─── ──── ───── ────── ─────── ── ─── ──── ───── ────── ─────── ── ─── ──── ───── ────── ─────── ── ─── ──── ───── ────── ─────── ── ─── ──── ───── ────── ─────── ── ─── ──── ───── ────── ─────── ── ─── ──── ───── ────── ─────── ── ─── ──── ───── ────── ─────── ── ─── ──── ───── ────── ─────── ── ─── ──── ───── ────── ─────── ── ─── ──── ───── ────── ─────── ── ─── ──── ───── ────── ─────── ── ─── ──── ───── ────── ─────── ── ─── ──── ───── ────── ─────── ── ─── ──── ───── ────── ─────── ── ─── ──── ───── ────── ─────── ── ─── ──── ───── ────── ─────── ── ─── ──── ───── ────── ─────── ── ─── ──── ───── ────── ─────── ── ─── ──── ───── ────── ─────── ── ─── ──── ───── ────── ─────── ── ─── ──── ───── ────── ─────── ── ─── ──── ───── ────── ─────── ── ─── ──── ───── ────── ─────── ── ─── ──── ───── ────── ─────── ── ─── ──── ───── ────── ─────── ── ─── ──── ───── ────── ─────── ── ─── ──── ───── ────── ─────── ── ─── ──── ───── ────── ─────── ── ─── ──── ───── ────── ─────── ── ─── ──── ───── ────── ─────── ── ─── ──── ───── ────── ─────── ── ─── ──── ───── ────── ─────── ── ─── ──── ───── ────── ─────── ── ─── ──── ───── ────── ─────── ── ─── ──── ───── ────── ─────── ── ─── ──── ───── ────── ─────── ── ─── ──── ───── ────── ─────── ── ─── ──── ───── ────── ─────── ── ─── ──── ───── ────── ─────── ── ─── ──── ───── ────── ─────── ── ─── ──── ───── ────── ─────── ── ─── ──── ───── ────── ─────── ── ─── ──── ───── ────── ─────── ── ─── ──── ───── ────── ─────── ── ─── ──── ───── ────── ─────── ── ─── ──── ───── ────── ─────── ── ─── ──── ───── ────── ─────── ── ─── ──── ───── ────── ─────── ── ─── ──── ───── ────── ─────── ── ─── ──── ───── ────── ─────── ── ─── ──── ───── ────── ─────── ── ─── ──── ───── ────── ─────── ── ─── ──── ───── ────── ─────── ── ─── ──── ───── ────── ─────── ── ─── ──── ───── ────── ─────── ── ─── ──── ───── ────── ─────── ── ─── ──── ───── ────── ─────── ── ─── ──── ───── ────── ─────── ── ─── ──── ───── ────── ─────── ── ─── ──── ───── ────── ─────── ── ─── ──── ───── ────── ─────── ── ─── ──── ───── ────── ─────── ── ─── ──── ───── ────── ─────── ── ─── ──── ───── ────── ─────── ── ─── ──── ───── ────── ─────── ── ─── ──── ───── ────── ─────── ── ─── ──── ───── ────── ─────── ── ─── ──── ───── ────── ─────── ── ─── ──── ───── ────── ─────── ── ─── ──── ───── ────── ─────── ── ─── ──── ───── ────── ─────── ── ─── ──── ───── ────── ─────── ── ─── ──── ───── ────── ─────── ── ─── ──── ───── ────── ─────── ── ─── ──── ───── ────── ─────── ── ─── ──── ───── ────── ─────── ── ─── ──── ───── ────── ─────── ── ─── ──── ───── ────── ─────── ── ─── ──── ───── ────── ─────── ── ─── ──── ───── ────── ─────── ── ─── ──── ───── ────── ─────── ── ─── ──── ───── ────── ─────── ── ─── ──── ───── ────── ─────── ── ─── ──── ───── ────── ─────── ── ─── ──── ───── ────── ─────── ── ─── ──── ───── ────── ─────── ── ─── ──── ───── ────── ─────── ── ─── ──── ───── ────── ─────── ── ─── ──── ───── ────── ─────── ── ─── ──── ───── ────── ─────── ── ─── ──── ───── ────── ─────── ── ─── ──── ───── ────── ─────── ── ─── ──── ───── ────── ─────── ── ─── ──── ───── ────── ─────── ── ─── ──── ───── ────── ─────── ── ─── ──── ───── ────── ─────── ── ─── ──── ───── ────── ─────── ── ─── ──── ───── ────── ─────── ── ─── ──── ───── ────── ─────── ── ─── ──── ───── ────── ─────── ── ─── ──── ───── ────── ─────── ── ─── ──── ───── ────── ─────── ── ─── ──── ───── ────── ─────── ── ─── ──── ───── ────── ─────── ── ─── ──── ───── ────── ─────── ── ─── ──── ───── ────── ─────── ── ─── ──── ───── ────── ─────── ── ─── ──── ───── ────── ─────── ── ─── ──── ───── ────── ─────── ── ─── ──── ───── ────── ─────── ── ─── ──── ───── ────── ─────── ── ─── ──── ───── ────── ─────── ── ─── ──── ───── ────── ─────── ── ─── ──── ───── ────── ─────── ── ─── ──── ───── ────── ─────── ── ─── ──── ───── ────── ─────── ── ─── ──── ───── ────── ─────── ── ─── ──── ───── ────── ─────── ── ─── ──── ───── ────── ─────── ── ─── ──── ───── ────── ─────── ── ─── ──── ───── ────── ─────── ── ─── ──── ───── ────── ─────── ── ─── ──── ───── ────── ─────── ── ─── ──── ───── ────── ─────── ── ─── ──── ───── ────── ─────── ── ─── ──── ───── ────── ─────── ── ─── ──── ───── ────── ─────── ── ─── ──── ───── ────── ─────── ── ─── ──── ───── ────── ─────── ── ─── ──── ───── ────── ─────── ── ─── ──── ───── ────── ─────── ── ─── ──── ───── ────── ─────── ── ─── ──── ───── ────── ─────── ── ─── ──── ───── ────── ─────── ── ─── ──── ───── ────── ─────── ── ─── ──── ───── ────── ─────── ── ─── ──── ───── ────── ─────── ── ─── ──── ───── ────── ─────── ── ─── ──── ───── ────── ─────── ── ─── ──── ───── ────── ─────── ── ─── ──── ───── ────── ─────── ── ─── ──── ───── ────── ─────── ── ─── ──── ───── ────── ─────── ── ─── ──── ───── ────── ─────── ── ─── ──── ───── ────── ─────── ── ─── ──── ───── ────── ─────── ── ─── ──── ───── ────── ─────── ── ─── ──── ───── ────── ─────── ── ─── ──── ───── ────── ─────── ── ─── ──── ───── ────── ─────── ── ─── ──── ───── ────── ─────── ── ─── ──── ───── ────── ─────── ── ─── ──── ───── ────── ─────── ── ─── ──── ───── ────── ─────── ── ─── ──── ───── ────── ─────── ── ─── ──── ───── ────── ─────── ── ─── ──── ───── ────── ─────── ── ─── ──── ───── ────── ─────── ── ─── ──── ───── ────── ─────── ── ─── ──── ───── ────── ─────── ── ─── ──── ───── ────── ─────── ── ─── ──── ───── ────── ─────── ── ─── ──── ───── ────── ─────── ── ─── ──── ───── ────── ─────── ── ─── ──── ───── ────── ─────── ── ─── ──── ───── ────── ─────── ── ─── ──── ───── ────── ─────── ── ─── ──── ───── ────── ─────── ── ─── ──── ───── ────── ─────── ── ─── ──── ───── ────── ─────── ── ─── ──── ───── ────── ─────── ── ─── ──── ───── ────── ─────── ── ─── ──── ───── ────── ─────── ── ─── ──── ───── ────── ─────── ── ─── ──── ───── ────── ─────── ── ─── ──── ───── ────── ─────── ── ─── ──── ───── ────── ─────── ── ─── ──── ───── ────── ─────── ── ─── ──── ───── ────── ─────── ── ─── ──── ───── ────── ─────── ── ─── ──── ───── ────── ─────── ── ─── ──── ───── ────── ─────── ── ─── ──── ───── ────── ─────── ── ─── ──── ───── ────── ─────── ── ─── ──── ───── ────── ─────── ── ─── ──── ───── ────── ─────── ── ─── ──── ───── ────── ─────── ── ─── ──── ───── ────── ─────── ── ─── ──── ───── ────── ─────── ── ─── ──── ───── ────── ─────── ── ─── ──── ───── ────── ─────── ── ─── ──── ───── ────── ─────── ── ─── ──── ───── ────── ─────── ── ─── ──── ───── ────── ─────── ── ─── ──── ───── ────── ─────── ── ─── ──── ───── ────── ─────── ── ─── ──── ───── ────── ─────── ── ─── ──── ───── ────── ─────── ── ─── ──── ───── ────── ─────── ── ─── ──── ───── ────── ─────── ── ─── ──── ───── ────── ─────── ── ─── ──── ───── ────── ─────── ── ─── ──── ───── ────── ─────── ── ─── ──── ───── ────── ─────── ── ─── ──── ───── ────── ─────── ── ─── ──── ───── ────── ─────── ── ─── ──── ───── ────── ─────── ── ─── ──── ───── ────── ─────── ── ─── ──── ───── ────── ─────── ── ─── ──── ───── ────── ─────── ── ─── ──── ───── ────── ─────── ── ─── ──── ───── ────── ─────── ── ─── ──── ───── ────── ─────── ── ─── ──── ───── ────── ─────── ── ─── ──── ───── ────── ─────── ── ─── ──── ───── ────── ─────── ── ─── ──── ───── ────── ─────── ── ─── ──── ───── ────── ─────── ── ─── ──── ───── ────── ─────── ── ─── ──── ───── ────── ─────── ── ─── ──── ───── ────── ─────── ── ─── ──── ───── ────── ─────── ── ─── ──── ───── ────── ─────── ── ─── ──── ───── ────── ─────── ── ─── ──── ───── ────── ─────── ── ─── ──── ───── ────── ─────── ── ─── ──── ───── ────── ─────── ── ─── ──── ───── ────── ─────── ── ─── ──── ───── ────── ─────── ── ─── ──── ───── ────── ─────── ── ─── ──── ───── ────── ─────── ── ─── ──── ───── ────── ─────── ── ─── ──── ───── ────── ─────── ── ─── ──── ───── ────── ─────── ── ─── ──── ───── ────── ─────── ── ─── ──── ───── ────── ─────── ── ─── ──── ───── ────── ─────── ── ─── ──── ───── ────── ─────── ── ─── ──── ───── ────── ─────── ── ─── ──── ───── ────── ─────── ── ─── ──── ───── ────── ─────── ── ─── ──── ───── ────── ─────── ── ─── ──── ───── ────── ─────── ── ─── ──── ───── ────── ─────── ── ─── ──── ───── ────── ─────── ── ─── ──── ───── ────── ─────── ── ─── ──── ───── ────── ─────── ── ─── ──── ───── ────── ─────── ── ─── ──── ───── ────── ─────── ── ─── ──── ───── ────── ─────── ── ─── ──── ───── ────── ─────── ── ─── ──── ───── ────── ─────── ── ─── ──── ───── ────── ─────── ── ─── ──── ───── ────── ─────── ── ─── ──── ───── ────── ─────── ── ─── ──── ───── ────── ─────── ── ─── ──── ───── ────── ─────── ── ─── ──── ───── ────── ─────── ── ─── ──── ───── ────── ─────── ── ─── ──── ───── ────── ─────── ── ─── ──── ───── ────── ─────── ── ─── ──── ───── ────── ─────── ── ─── ──── ───── ────── ─────── ── ─── ──── ───── ────── ─────── ── ─── ──── ───── ────── ─────── ── ─── ──── ───── ────── ─────── ── ─── ──── ───── ────── ─────── ── ─── ──── ───── ────── ─────── ── ─── ──── ───── ────── ─────── ── ─── ──── ───── ────── ─────── ── ─── ──── ───── ────── ─────── ── ─── ──── ───── ────── ─────── ── ─── ──── ───── ────── ─────── ── ─── ──── ───── ────── ─────── ── ─── ──── ───── ────── ─────── ── ─── ──── ───── ────── ─────── ── ─── ──── ───── ────── ─────── ── ─── ──── ───── ────── ─────── ── ─── ──── ───── ────── ─────── ── ─── ──── ───── ────── ─────── ── ─── ──── ───── ────── ─────── ── ─── ──── ───── ────── ─────── ── ─── ──── ───── ────── ─────── ── ─── ──── ───── ────── ─────── ── ─── ──── ───── ────── ─────── ── ─── ──── ───── ────── ─────── ── ─── ──── ───── ────── ─────── ── ─── ──── ───── ────── ─────── ── ─── ──── ───── ────── ─────── ── ─── ──── ───── ────── ─────── ── ─── ──── ───── ────── ───────
── ─── ──── ───── ────── ─────── ── ─── ──── ───── ────── ─────── ── ─── ──── ───── ────── ─────── ── ─── ──── ───── ────── ─────── ── ─── ──── ───── ────── ─────── ── ─── ──── ───── ────── ─────── ── ─── ──── ───── ────── ─────── ── ─── ──── ───── ────── ─────── ── ─── ──── ───── ────── ─────── ── ─── ──── ───── ────── ─────── ── ─── ──── ───── ────── ─────── ── ─── ──── ───── ────── ─────── ── ─── ──── ───── ────── ─────── ── ─── ──── ───── ────── ─────── ── ─── ──── ───── ────── ─────── ── ─── ──── ───── ────── ─────── ── ─── ──── ───── ────── ─────── ── ─── ──── ───── ────── ─────── ── ─── ──── ───── ────── ─────── ── ─── ──── ───── ────── ─────── ── ─── ──── ───── ────── ─────── ── ─── ──── ───── ────── ─────── ── ─── ──── ───── ────── ─────── ── ─── ──── ───── ────── ─────── ── ─── ──── ───── ────── ─────── ── ─── ──── ───── ────── ─────── ── ─── ──── ───── ────── ─────── ── ─── ──── ───── ────── ─────── ── ─── ──── ───── ────── ─────── ── ─── ──── ───── ────── ───────
Minderheits-Erklärungen.
Die nationalliberale Erklärung.
── ─── ──── ───── ────── ─────── ── ─── ──── ───── ────── ─────── ── ─── ──── ───── ────── ─────── ── ─── ──── ───── ────── ─────── ── ─── ──── ───── ────── ─────── ── ─── ──── ───── ────── ─────── ── ─── ──── ───── ────── ─────── ── ─── ──── ───── ────── ─────── ── ─── ──── ───── ────── ─────── ── ─── ──── ───── ────── ─────── ── ─── ──── ───── ────── ─────── ── ─── ──── ───── ────── ─────── ── ─── ──── ───── ────── ─────── ── ─── ──── ───── ────── ─────── ── ─── ──── ───── ────── ─────── ── ─── ──── ───── ────── ─────── ── ─── ──── ───── ────── ─────── ── ─── ──── ───── ────── ─────── ── ─── ──── ───── ────── ─────── ── ─── ──── ───── ────── ─────── ── ─── ──── ───── ────── ─────── ── ─── ──── ───── ────── ─────── ── ─── ──── ───── ────── ─────── ── ─── ──── ───── ────── ─────── ── ─── ──── ───── ────── ─────── ── ─── ──── ───── ────── ─────── ── ─── ──── ───── ────── ─────── ── ─── ──── ───── ────── ─────── ── ─── ──── ───── ────── ─────── ── ─── ──── ───── ────── ─────── ── ─── ──── ───── ────── ─────── ── ─── ──── ───── ────── ─────── ── ─── ──── ───── ────── ─────── ── ─── ──── ───── ────── ─────── ── ─── ──── ───── ────── ─────── ── ─── ──── ───── ────── ─────── ── ─── ──── ───── ────── ─────── ── ─── ──── ───── ────── ─────── ── ─── ──── ───── ────── ─────── ── ─── ──── ───── ────── ─────── ── ─── ──── ───── ────── ─────── ── ─── ──── ───── ────── ─────── ── ─── ──── ───── ────── ─────── ── ─── ──── ───── ────── ─────── ── ─── ──── ───── ────── ─────── ── ─── ──── ───── ────── ─────── ── ─── ──── ───── ────── ─────── ── ─── ──── ───── ────── ─────── ── ─── ──── ───── ────── ─────── ── ─── ──── ───── ────── ─────── ── ─── ──── ───── ────── ─────── ── ─── ──── ───── ────── ─────── ── ─── ──── ───── ────── ─────── ── ─── ──── ───── ────── ─────── ── ─── ──── ───── ────── ─────── ── ─── ──── ───── ────── ─────── ── ─── ──── ───── ────── ─────── ── ─── ──── ───── ────── ─────── ── ─── ──── ───── ────── ─────── ── ─── ──── ───── ────── ─────── ── ─── ──── ───── ────── ─────── ── ─── ──── ───── ────── ─────── ── ─── ──── ───── ────── ─────── ── ─── ──── ───── ────── ─────── ── ─── ──── ───── ────── ─────── ── ─── ──── ───── ────── ─────── ── ─── ──── ───── ────── ─────── ── ─── ──── ───── ────── ─────── ── ─── ──── ───── ────── ─────── ── ─── ──── ───── ────── ─────── ── ─── ──── ───── ────── ─────── ── ─── ──── ───── ────── ─────── ── ─── ──── ───── ────── ─────── ── ─── ──── ───── ────── ─────── ── ─── ──── ───── ────── ─────── ── ─── ──── ───── ────── ─────── ── ─── ──── ───── ────── ─────── ── ─── ──── ───── ────── ─────── ── ─── ──── ───── ────── ─────── ── ─── ──── ───── ────── ─────── ── ─── ──── ───── ────── ─────── ── ─── ──── ───── ────── ─────── ── ─── ──── ───── ────── ─────── ── ─── ──── ───── ────── ─────── ── ─── ──── ───── ────── ─────── ── ─── ──── ───── ────── ─────── ── ─── ──── ───── ────── ─────── ── ─── ──── ───── ────── ─────── ── ─── ──── ───── ────── ─────── ── ─── ──── ───── ────── ─────── ── ─── ──── ───── ────── ─────── ── ─── ──── ───── ────── ─────── ── ─── ──── ───── ────── ─────── ── ─── ──── ───── ────── ─────── ── ─── ──── ───── ────── ─────── ── ─── ──── ───── ────── ─────── ── ─── ──── ───── ────── ─────── ── ─── ──── ───── ────── ─────── ── ─── ──── ───── ────── ─────── ── ─── ──── ───── ────── ─────── ── ─── ──── ───── ────── ─────── ── ─── ──── ───── ────── ─────── ── ─── ──── ───── ────── ─────── ── ─── ──── ───── ────── ─────── ── ─── ──── ───── ────── ─────── ── ─── ──── ───── ────── ─────── ── ─── ──── ───── ────── ─────── ── ─── ──── ───── ────── ─────── ── ─── ──── ───── ────── ─────── ── ─── ──── ───── ────── ─────── ── ─── ──── ───── ────── ─────── ── ─── ──── ───── ────── ─────── ── ─── ──── ───── ────── ─────── ── ─── ──── ───── ────── ─────── ── ─── ──── ───── ────── ─────── ── ─── ──── ───── ────── ─────── ── ─── ──── ───── ────── ─────── ── ─── ──── ───── ────── ─────── ── ─── ──── ───── ────── ─────── ── ─── ──── ───── ────── ───────
Die Erklärung der Unabhängigen.
── ─── ──── ───── ────── ─────── ── ─── ──── ───── ────── ─────── ── ─── ──── ───── ────── ─────── ── ─── ──── ───── ────── ─────── ── ─── ──── ───── ────── ─────── ── ─── ──── ───── ────── ─────── ── ─── ──── ───── ────── ─────── ── ─── ──── ───── ────── ─────── ── ─── ──── ───── ────── ─────── ── ─── ──── ───── ────── ─────── ── ─── ──── ───── ────── ─────── ── ─── ──── ───── ────── ─────── ── ─── ──── ───── ────── ─────── ── ─── ──── ───── ────── ─────── ── ─── ──── ───── ────── ─────── ── ─── ──── ───── ────── ─────── ── ─── ──── ───── ────── ─────── ── ─── ──── ───── ────── ─────── ── ─── ──── ───── ────── ─────── ── ─── ──── ───── ────── ─────── ── ─── ──── ───── ────── ─────── ── ─── ──── ───── ────── ─────── ── ─── ──── ───── ────── ─────── ── ─── ──── ───── ────── ─────── ── ─── ──── ───── ────── ─────── ── ─── ──── ───── ────── ─────── ── ─── ──── ───── ────── ─────── ── ─── ──── ───── ────── ─────── ── ─── ──── ───── ────── ─────── ── ─── ──── ───── ────── ─────── ── ─── ──── ───── ────── ─────── ── ─── ──── ───── ────── ─────── ── ─── ──── ───── ────── ─────── ── ─── ──── ───── ────── ─────── ── ─── ──── ───── ────── ─────── ── ─── ──── ───── ────── ─────── ── ─── ──── ───── ────── ─────── ── ─── ──── ───── ────── ─────── ── ─── ──── ───── ────── ─────── ── ─── ──── ───── ────── ─────── ── ─── ──── ───── ────── ─────── ── ─── ──── ───── ────── ─────── ── ─── ──── ───── ────── ─────── ── ─── ──── ───── ────── ─────── ── ─── ──── ───── ────── ─────── ── ─── ──── ───── ────── ─────── ── ─── ──── ───── ────── ─────── ── ─── ──── ───── ────── ─────── ── ─── ──── ───── ────── ─────── ── ─── ──── ───── ────── ─────── ── ─── ──── ───── ────── ─────── ── ─── ──── ───── ────── ─────── ── ─── ──── ───── ────── ─────── ── ─── ──── ───── ────── ─────── ── ─── ──── ───── ────── ─────── ── ─── ──── ───── ────── ─────── ── ─── ──── ───── ────── ─────── ── ─── ──── ───── ────── ─────── ── ─── ──── ───── ────── ─────── ── ─── ──── ───── ────── ─────── ── ─── ──── ───── ────── ─────── ── ─── ──── ───── ────── ─────── ── ─── ──── ───── ────── ─────── ── ─── ──── ───── ────── ─────── ── ─── ──── ───── ────── ─────── ── ─── ──── ───── ────── ─────── ── ─── ──── ───── ────── ─────── ── ─── ──── ───── ────── ─────── ── ─── ──── ───── ────── ─────── ── ─── ──── ───── ────── ─────── ── ─── ──── ───── ────── ─────── ── ─── ──── ───── ────── ─────── ── ─── ──── ───── ────── ─────── ── ─── ──── ───── ────── ─────── ── ─── ──── ───── ────── ─────── ── ─── ──── ───── ────── ─────── ── ─── ──── ───── ────── ─────── ── ─── ──── ───── ────── ─────── ── ─── ──── ───── ────── ─────── ── ─── ──── ───── ────── ─────── ── ─── ──── ───── ────── ─────── ── ─── ──── ───── ────── ─────── ── ─── ──── ───── ────── ─────── ── ─── ──── ───── ────── ─────── ── ─── ──── ───── ────── ─────── ── ─── ──── ───── ────── ─────── ── ─── ──── ───── ────── ─────── ── ─── ──── ───── ────── ─────── ── ─── ──── ───── ────── ─────── ── ─── ──── ───── ────── ─────── ── ─── ──── ───── ────── ─────── ── ─── ──── ───── ────── ─────── ── ─── ──── ───── ────── ─────── ── ─── ──── ───── ────── ─────── ── ─── ──── ───── ────── ─────── ── ─── ──── ───── ────── ─────── ── ─── ──── ───── ────── ─────── ── ─── ──── ───── ────── ─────── ── ─── ──── ───── ────── ─────── ── ─── ──── ───── ────── ─────── ── ─── ──── ───── ────── ─────── ── ─── ──── ───── ────── ─────── ── ─── ──── ───── ────── ─────── ── ─── ──── ───── ────── ─────── ── ─── ──── ───── ────── ─────── ── ─── ──── ───── ────── ─────── ── ─── ──── ───── ────── ─────── ── ─── ──── ───── ────── ─────── ── ───
Ausländisches Fleisch.
── ─── ──── ───── ────── ─────── ── ─── ──── ───── ────── ─────── ── ─── ──── ───── ────── ─────── ── ─── ──── ───── ────── ─────── ── ─── ──── ───── ────── ─────── ── ─── ──── ───── ────── ─────── ── ─── ──── ───── ────── ─────── ── ─── ──── ───── ────── ─────── ── ─── ──── ───── ────── ─────── ── ─── ──── ───── ────── ─────── ── ─── ──── ───── ────── ─────── ── ─── ──── ───── ────── ─────── ── ─── ──── ───── ────── ─────── ── ─── ──── ───── ────── ─────── ── ─── ──── ───── ────── ─────── ── ─── ──── ───── ────── ─────── ── ─── ──── ───── ────── ─────── ── ─── ──── ───── ────── ─────── ── ─── ──── ───── ────── ─────── ── ─── ──── ───── ────── ─────── ── ─── ──── ───── ────── ─────── ── ─── ──── ───── ────── ─────── ── ─── ──── ───── ────── ─────── ── ─── ──── ───── ────── ─────── ── ─── ──── ───── ────── ─────── ── ─── ──── ───── ────── ─────── ── ─── ──── ───── ────── ─────── ── ─── ──── ───── ────── ─────── ── ─── ──── ───── ────── ─────── ── ─── ──── ───── ────── ─────── ── ─── ──── ───── ────── ─────── ── ─── ──── ───── ────── ─────── ── ─── ──── ───── ────── ─────── ── ─── ──── ───── ────── ─────── ── ─── ──── ───── ────── ─────── ── ─── ──── ───── ────── ─────── ── ─── ──── ───── ────── ─────── ── ─── ──── ───── ────── ─────── ── ─── ──── ───── ────── ─────── ── ─── ──── ───── ────── ─────── ── ─── ──── ───── ────── ─────── ── ─── ──── ───── ────── ─────── ── ─── ──── ───── ────── ─────── ── ─── ──── ───── ────── ─────── ── ─── ──── ───── ────── ─────── ── ─── ──── ───── ────── ─────── ── ─── ──── ───── ────── ─────── ── ─── ──── ───── ────── ─────── ── ─── ──── ───── ────── ─────── ── ─── ──── ───── ────── ─────── ── ─── ──── ───── ────── ─────── ── ─── ──── ───── ────── ─────── ── ─── ──── ───── ────── ─────── ── ─── ──── ───── ────── ─────── ── ─── ──── ───── ────── ─────── ── ─── ──── ───── ────── ─────── ── ─── ──── ───── ────── ─────── ── ─── ──── ───── ────── ─────── ── ─── ──── ───── ────── ─────── ── ─── ──── ───── ────── ─────── ── ─── ──── ───── ────── ─────── ── ─── ──── ───── ────── ─────── ── ─── ──── ───── ────── ─────── ── ─── ──── ───── ────── ─────── ── ─── ──── ───── ────── ─────── ── ─── ──── ───── ────── ─────── ── ─── ──── ───── ────── ─────── ── ─── ──── ───── ────── ─────── ── ─── ──── ───── ────── ─────── ── ─── ──── ───── ────── ───────
Frankfurter Angelegenheiten.
── ─── ──── ───── ────── ─────── ── ─── ──── ───── ────── ─────── ── ─── ──── ───── ────── ─────── ── ─── ──── ───── ────── ─────── ── ─── ──── ───── ────── ─────── ── ─── ──── ───── ────── ─────── ── ─── ──── ───── ────── ─────── ── ─── ──── ───── ────── ─────── ── ─── ──── ───── ────── ─────── ── ─── ──── ───── ────── ─────── ── ─── ──── ───── ────── ─────── ── ─── ──── ───── ────── ─────── ── ─── ──── ───── ────── ─────── ── ─── ──── ───── ────── ─────── ── ─── ──── ───── ────── ─────── ── ─── ──── ───── ────── ─────── ── ─── ──── ───── ────── ─────── ── ─── ──── ───── ────── ─────── ── ─── ──── ───── ────── ─────── ── ─── ──── ───── ────── ─────── ── ─── ──── ───── ────── ─────── ── ─── ──── ───── ────── ─────── ── ─── ──── ───── ────── ─────── ── ─── ──── ───── ────── ─────── ── ─── ──── ───── ────── ─────── ── ─── ──── ───── ────── ─────── ── ─── ──── ───── ────── ─────── ── ─── ──── ───── ────── ─────── ── ─── ──── ───── ────── ─────── ── ─── ──── ───── ────── ─────── ── ─── ──── ───── ────── ─────── ── ─── ──── ───── ────── ─────── ── ─── ──── ───── ────── ─────── ── ─── ──── ───── ────── ─────── ── ─── ──── ───── ────── ─────── ── ─── ──── ───── ────── ─────── ── ─── ──── ───── ────── ─────── ── ─── ──── ───── ────── ─────── ── ─── ──── ───── ────── ─────── ── ─── ──── ───── ────── ─────── ── ─── ──── ───── ────── ─────── ── ─── ──── ───── ────── ─────── ── ─── ──── ───── ────── ─────── ── ─── ──── ───── ────── ─────── ── ─── ──── ───── ────── ─────── ── ─── ──── ───── ────── ─────── ── ─── ──── ───── ────── ─────── ── ─── ──── ───── ────── ─────── ── ─── ──── ───── ────── ─────── ── ─── ──── ───── ────── ─────── ── ─── ──── ───── ────── ─────── ── ─── ──── ───── ────── ─────── ── ─── ──── ───── ────── ─────── ── ─── ──── ───── ────── ─────── ── ─── ──── ───── ────── ─────── ── ─── ──── ───── ────── ─────── ── ─── ──── ───── ────── ─────── ── ─── ──── ───── ────── ─────── ── ─── ──── ───── ────── ─────── ── ─── ──── ───── ────── ─────── ── ─── ──── ───── ────── ─────── ── ─── ──── ───── ────── ─────── ── ─── ──── ───── ────── ─────── ── ─── ──── ───── ────── ─────── ── ─── ──── ───── ────── ─────── ── ─── ──── ───── ────── ─────── ── ─── ──── ───── ────── ─────── ── ─── ──── ───── ────── ─────── ── ─── ──── ───── ────── ─────── ── ─── ──── ───── ────── ─────── ── ─── ──── ───── ────── ─────── ── ─── ──── ───── ────── ─────── ── ─── ──── ───── ────── ─────── ── ─── ──── ───── ────── ─────── ── ─── ──── ───── ────── ─────── ── ─── ──── ───── ────── ─────── ── ─── ──── ───── ────── ─────── ── ─── ──── ───── ────── ─────── ── ─── ──── ───── ────── ─────── ── ─── ──── ───── ────── ─────── ── ─── ──── ───── ────── ─────── ── ─── ──── ───── ────── ─────── ── ─── ──── ───── ────── ─────── ── ─── ──── ───── ────── ─────── ── ─── ──── ───── ────── ─────── ── ─── ──── ───── ────── ─────── ── ─── ──── ───── ────── ─────── ── ─── ──── ───── ────── ─────── ── ─── ──── ───── ────── ─────── ── ─── ──── ───── ────── ─────── ── ─── ──── ───── ────── ─────── ── ─── ──── ───── ────── ─────── ── ─── ──── ───── ────── ─────── ── ─── ──── ───── ────── ─────── ── ─── ──── ───── ────── ─────── ── ─── ──── ───── ────── ─────── ── ─── ──── ───── ────── ─────── ── ─── ──── ───── ────── ─────── ── ─── ──── ───── ────── ─────── ── ─── ──── ───── ────── ─────── ── ─── ──── ───── ────── ─────── ── ─── ──── ───── ────── ─────── ── ─── ──── ───── ────── ─────── ── ─── ──── ───── ────── ─────── ── ─── ──── ───── ────── ─────── ── ─── ──── ───── ────── ─────── ── ─── ──── ───── ────── ─────── ── ─── ──── ───── ────── ─────── ── ─── ──── ───── ────── ─────── ── ─── ──── ───── ────── ─────── ── ─── ──── ───── ────── ─────── ── ─── ──── ───── ────── ─────── ── ─── ──── ───── ────── ─────── ── ─── ──── ───── ────── ─────── ── ─── ──── ───── ────── ─────── ── ─── ──── ───── ────── ─────── ── ─── ──── ───── ────── ─────── ── ─── ──── ───── ────── ─────── ── ─── ──── ───── ────── ─────── ── ─── ──── ───── ────── ─────── ── ─── ──── ───── ────── ─────── ── ─── ──── ───── ────── ─────── ── ─── ──── ───── ────── ─────── ── ─── ──── ───── ────── ─────── ── ─── ──── ───── ────── ─────── ── ─── ──── ───── ────── ─────── ── ─── ──── ───── ────── ─────── ── ─── ──── ───── ────── ─────── ── ─── ──── ───── ────── ─────── ── ─── ──── ───── ────── ─────── ── ─── ──── ───── ────── ─────── ── ─── ──── ───── ────── ─────── ── ─── ──── ───── ────── ─────── ── ─── ──── ───── ────── ─────── ── ─── ──── ───── ────── ─────── ── ─── ──── ───── ────── ─────── ── ─── ──── ───── ────── ─────── ── ─── ──── ───── ────── ─────── ── ─── ──── ───── ────── ─────── ── ─── ──── ───── ────── ─────── ── ─── ──── ───── ────── ─────── ── ─── ──── ───── ────── ─────── ── ─── ──── ───── ────── ─────── ── ─── ──── ───── ────── ─────── ── ─── ──── ───── ────── ─────── ── ─── ──── ───── ────── ─────── ── ─── ──── ───── ────── ─────── ── ─── ──── ───── ────── ─────── ── ─── ──── ───── ────── ─────── ── ─── ──── ───── ────── ─────── ── ─── ──── ───── ────── ─────── ── ─── ──── ───── ────── ─────── ── ─── ──── ───── ────── ─────── ── ─── ──── ───── ────── ─────── ── ─── ──── ───── ────── ─────── ── ─── ──── ───── ────── ─────── ── ─── ──── ───── ────── ─────── ── ─── ──── ───── ────── ─────── ── ─── ──── ───── ────── ─────── ── ─── ──── ───── ────── ─────── ── ─── ──── ───── ────── ─────── ── ─── ──── ───── ────── ─────── ── ─── ──── ───── ────── ─────── ── ─── ──── ───── ────── ─────── ── ─── ──── ───── ────── ─────── ── ─── ──── ───── ────── ─────── ── ─── ──── ───── ────── ─────── ── ─── ──── ───── ────── ─────── ── ─── ──── ───── ────── ─────── ── ─── ──── ───── ────── ─────── ── ─── ──── ───── ────── ─────── ── ─── ──── ───── ────── ─────── ── ─── ──── ───── ────── ─────── ── ─── ──── ───── ────── ─────── ── ─── ──── ───── ────── ─────── ── ─── ──── ───── ────── ─────── ── ─── ──── ───── ────── ─────── ── ─── ──── ───── ────── ─────── ── ─── ──── ───── ────── ─────── ── ─── ──── ───── ────── ─────── ── ─── ──── ───── ────── ─────── ── ─── ──── ───── ────── ─────── ── ─── ──── ───── ────── ─────── ── ─── ──── ───── ────── ─────── ── ─── ──── ───── ────── ─────── ── ─── ──── ───── ────── ─────── ── ─── ──── ───── ────── ─────── ── ─── ──── ───── ────── ─────── ── ─── ──── ───── ────── ─────── ── ─── ──── ───── ────── ─────── ── ─── ──── ───── ────── ─────── ── ─── ──── ───── ────── ─────── ── ─── ──── ───── ────── ─────── ── ─── ──── ───── ────── ─────── ── ─── ──── ───── ────── ─────── ── ─── ──── ───── ────── ─────── ── ─── ──── ───── ────── ─────── ── ─── ──── ───── ────── ─────── ── ─── ──── ───── ────── ─────── ── ─── ──── ───── ────── ─────── ── ─── ──── ───── ────── ─────── ── ─── ──── ───── ────── ─────── ── ─── ──── ───── ────── ─────── ── ─── ──── ───── ────── ─────── ── ─── ──── ───── ────── ─────── ── ─── ──── ───── ────── ─────── ── ─── ──── ───── ────── ─────── ── ─── ──── ───── ────── ─────── ── ─── ──── ───── ────── ─────── ── ─── ──── ───── ────── ─────── ── ─── ──── ───── ────── ─────── ── ─── ──── ───── ────── ─────── ── ─── ──── ───── ────── ─────── ── ─── ──── ───── ────── ─────── ── ─── ──── ───── ────── ─────── ── ─── ──── ───── ────── ─────── ── ─── ──── ───── ────── ─────── ── ─── ──── ───── ────── ─────── ── ─── ──── ───── ────── ─────── ── ─── ──── ───── ────── ─────── ── ─── ──── ───── ────── ─────── ── ─── ──── ───── ────── ─────── ── ─── ──── ───── ────── ─────── ── ─── ──── ───── ────── ─────── ── ─── ──── ───── ────── ─────── ── ─── ──── ───── ────── ─────── ── ─── ──── ───── ────── ─────── ── ─── ──── ───── ────── ─────── ── ─── ──── ───── ────── ─────── ── ─── ──── ───── ────── ─────── ── ─── ──── ───── ────── ─────── ── ─── ──── ───── ────── ─────── ── ─── ──── ───── ────── ─────── ── ───
